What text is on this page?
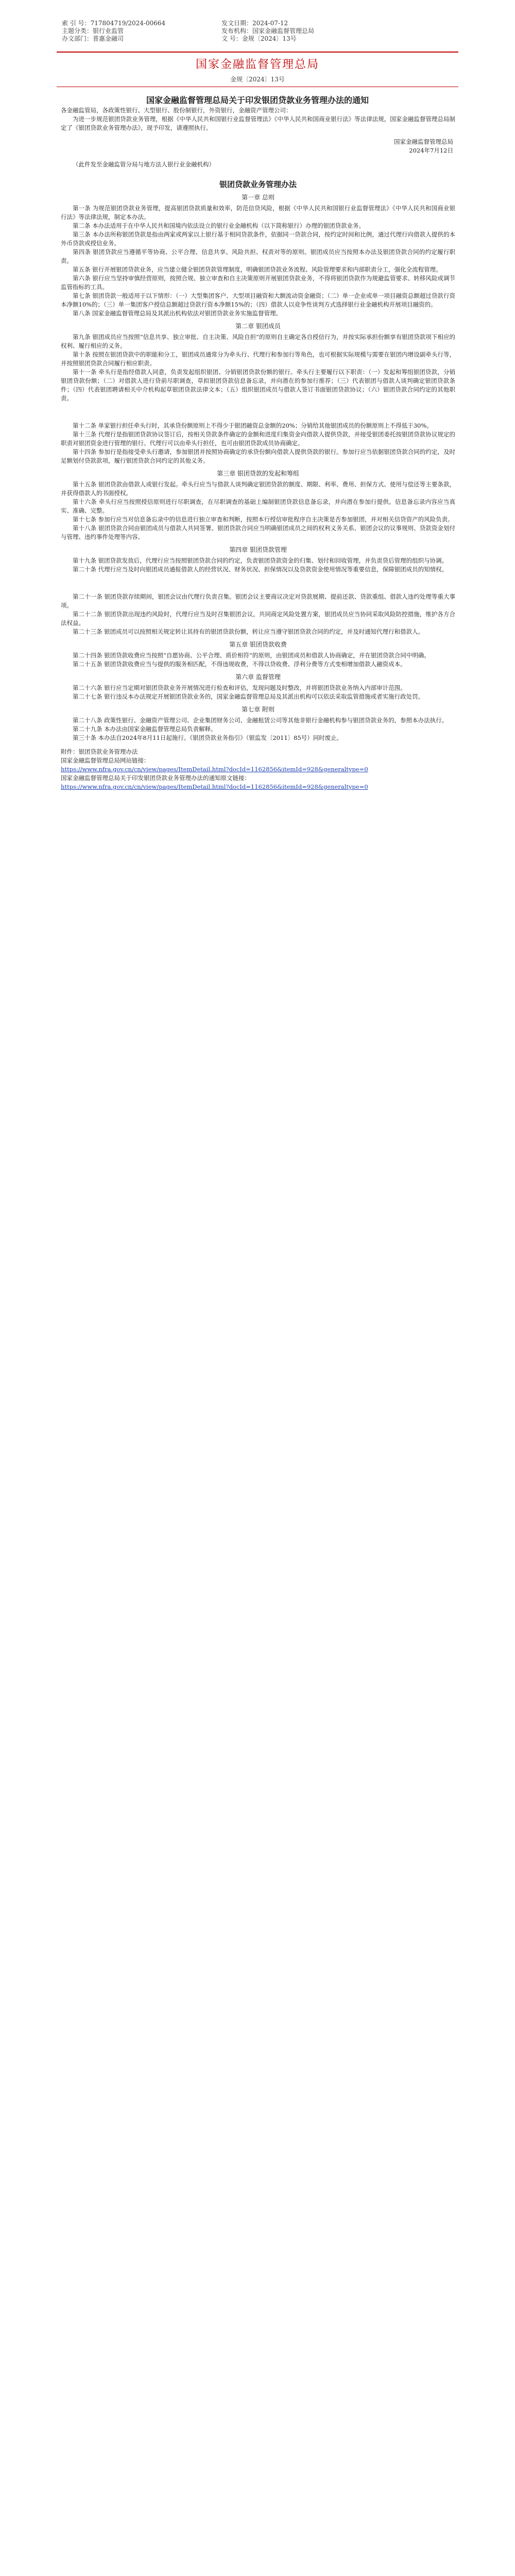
索 引 号：717804719/2024-00664
主题分类：银行业监管
办文部门：普惠金融司
发文日期：2024-07-12
发布机构：国家金融监督管理总局
文 号：金规〔2024〕13号
国家金融监督管理总局
金规〔2024〕13号
国家金融监督管理总局关于印发银团贷款业务管理办法的通知

各金融监管局，各政策性银行、大型银行、股份制银行，外资银行，金融资产管理公司：

为进一步规范银团贷款业务管理，根据《中华人民共和国银行业监督管理法》《中华人民共和国商业银行法》等法律法规，国家金融监督管理总局制定了《银团贷款业务管理办法》，现予印发，请遵照执行。

国家金融监督管理总局

2024年7月12日

（此件发至金融监管分局与地方法人银行业金融机构）

银团贷款业务管理办法
第一章 总则

第一条 为规范银团贷款业务管理，提高银团贷款质量和效率，防范信贷风险，根据《中华人民共和国银行业监督管理法》《中华人民共和国商业银行法》等法律法规，制定本办法。

第二条 本办法适用于在中华人民共和国境内依法设立的银行业金融机构（以下简称银行）办理的银团贷款业务。

第三条 本办法所称银团贷款是指由两家或两家以上银行基于相同贷款条件，依据同一贷款合同，按约定时间和比例，通过代理行向借款人提供的本外币贷款或授信业务。

第四条 银团贷款应当遵循平等协商、公平合理、信息共享、风险共担、权责对等的原则。银团成员应当按照本办法及银团贷款合同的约定履行职责。

第五条 银行开展银团贷款业务，应当建立健全银团贷款管理制度，明确银团贷款业务流程、风险管理要求和内部职责分工，强化全流程管理。

第六条 银行应当坚持审慎经营原则，按照合规、独立审查和自主决策原则开展银团贷款业务，不得将银团贷款作为规避监管要求、转移风险或调节监管指标的工具。

第七条 银团贷款一般适用于以下情形：（一）大型集团客户、大型项目融资和大额流动资金融资；（二）单一企业或单一项目融资总额超过贷款行资本净额10%的；（三）单一集团客户授信总额超过贷款行资本净额15%的；（四）借款人以竞争性谈判方式选择银行业金融机构开展项目融资的。

第八条 国家金融监督管理总局及其派出机构依法对银团贷款业务实施监督管理。

第二章 银团成员

第九条 银团成员应当按照“信息共享、独立审批、自主决策、风险自担”的原则自主确定各自授信行为，并按实际承担份额享有银团贷款项下相应的权利、履行相应的义务。

第十条 按照在银团贷款中的职能和分工，银团成员通常分为牵头行、代理行和参加行等角色，也可根据实际规模与需要在银团内增设副牵头行等，并按照银团贷款合同履行相应职责。

第十一条 牵头行是指经借款人同意，负责发起组织银团、分销银团贷款份额的银行。牵头行主要履行以下职责：（一）发起和筹组银团贷款，分销银团贷款份额；（二）对借款人进行贷前尽职调查，草拟银团贷款信息备忘录，并向潜在的参加行推荐；（三）代表银团与借款人谈判确定银团贷款条件；（四）代表银团聘请相关中介机构起草银团贷款法律文本；（五）组织银团成员与借款人签订书面银团贷款协议；（六）银团贷款合同约定的其他职责。

第十二条 单家银行担任牵头行时，其承贷份额原则上不得少于银团融资总金额的20%；分销给其他银团成员的份额原则上不得低于30%。

第十三条 代理行是指银团贷款协议签订后，按相关贷款条件确定的金额和进度归集资金向借款人提供贷款，并接受银团委托按银团贷款协议规定的职责对银团资金进行管理的银行。代理行可以由牵头行担任，也可由银团贷款成员协商确定。

第十四条 参加行是指接受牵头行邀请，参加银团并按照协商确定的承贷份额向借款人提供贷款的银行。参加行应当依据银团贷款合同的约定，及时足额划付贷款款项，履行银团贷款合同约定的其他义务。

第三章 银团贷款的发起和筹组

第十五条 银团贷款由借款人或银行发起。牵头行应当与借款人谈判确定银团贷款的额度、期限、利率、费用、担保方式、使用与偿还等主要条款，并获得借款人的书面授权。

第十六条 牵头行应当按照授信原则进行尽职调查，在尽职调查的基础上编制银团贷款信息备忘录，并向潜在参加行提供。信息备忘录内容应当真实、准确、完整。

第十七条 参加行应当对信息备忘录中的信息进行独立审查和判断，按照本行授信审批程序自主决策是否参加银团，并对相关信贷资产的风险负责。

第十八条 银团贷款合同由银团成员与借款人共同签署。银团贷款合同应当明确银团成员之间的权利义务关系、银团会议的议事规则、贷款资金划付与管理、违约事件处理等内容。

第四章 银团贷款管理

第十九条 银团贷款发放后，代理行应当按照银团贷款合同的约定，负责银团贷款资金的归集、划付和回收管理，并负责贷后管理的组织与协调。

第二十条 代理行应当及时向银团成员通报借款人的经营状况、财务状况、担保情况以及贷款资金使用情况等重要信息，保障银团成员的知情权。

第二十一条 银团贷款存续期间，银团会议由代理行负责召集。银团会议主要商议决定对贷款展期、提前还款、贷款重组、借款人违约处理等重大事项。

第二十二条 银团贷款出现违约风险时，代理行应当及时召集银团会议，共同商定风险处置方案，银团成员应当协同采取风险防控措施，维护各方合法权益。

第二十三条 银团成员可以按照相关规定转让其持有的银团贷款份额，转让应当遵守银团贷款合同的约定，并及时通知代理行和借款人。

第五章 银团贷款收费

第二十四条 银团贷款收费应当按照“自愿协商、公平合理、质价相符”的原则，由银团成员和借款人协商确定，并在银团贷款合同中明确。

第二十五条 银团贷款收费应当与提供的服务相匹配，不得违规收费，不得以贷收费、浮利分费等方式变相增加借款人融资成本。

第六章 监督管理

第二十六条 银行应当定期对银团贷款业务开展情况进行检查和评估，发现问题及时整改，并将银团贷款业务纳入内部审计范围。

第二十七条 银行违反本办法规定开展银团贷款业务的，国家金融监督管理总局及其派出机构可以依法采取监管措施或者实施行政处罚。

第七章 附则

第二十八条 政策性银行、金融资产管理公司、企业集团财务公司、金融租赁公司等其他非银行金融机构参与银团贷款业务的，参照本办法执行。

第二十九条 本办法由国家金融监督管理总局负责解释。

第三十条 本办法自2024年8月11日起施行。《银团贷款业务指引》（银监发〔2011〕85号）同时废止。

附件：银团贷款业务管理办法

国家金融监督管理总局网站链接：

https://www.nfra.gov.cn/cn/view/pages/ItemDetail.html?docId=1162856&itemId=928&generaltype=0

国家金融监督管理总局关于印发银团贷款业务管理办法的通知原文链接：

https://www.nfra.gov.cn/cn/view/pages/ItemDetail.html?docId=1162856&itemId=928&generaltype=0
